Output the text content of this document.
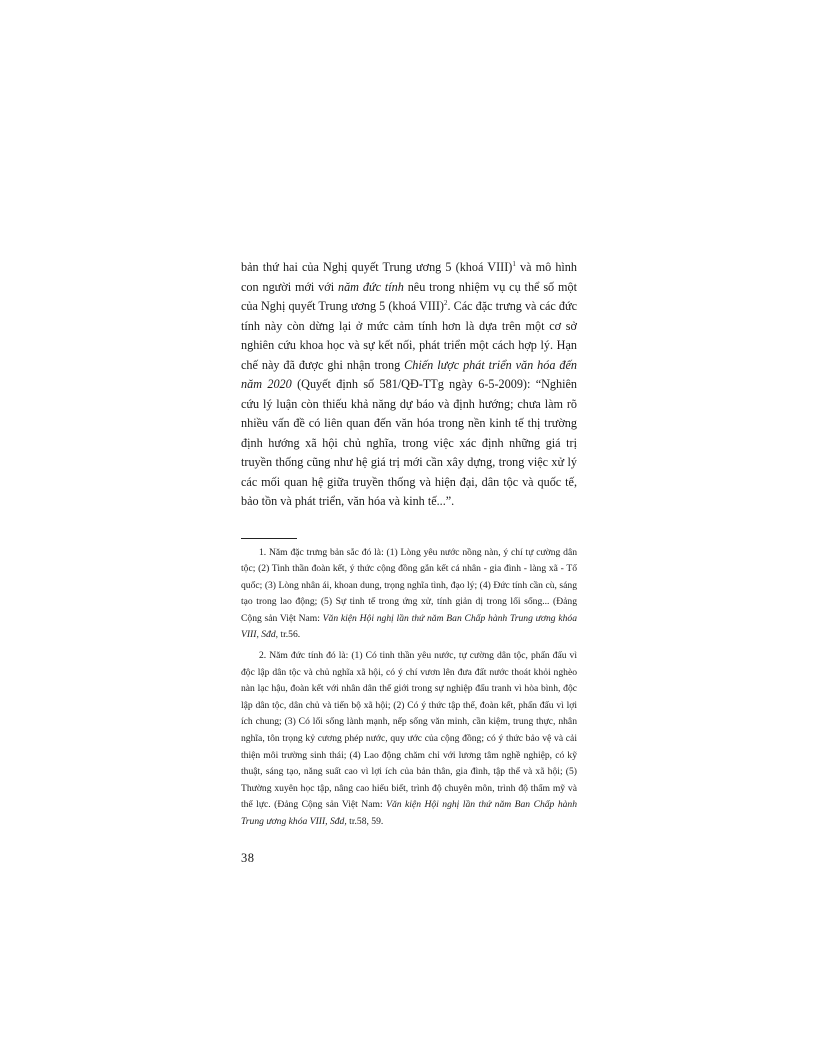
bản thứ hai của Nghị quyết Trung ương 5 (khoá VIII)$^1$ và mô hình con người mới với năm đức tính nêu trong nhiệm vụ cụ thể số một của Nghị quyết Trung ương 5 (khoá VIII)$^2$. Các đặc trưng và các đức tính này còn dừng lại ở mức cảm tính hơn là dựa trên một cơ sở nghiên cứu khoa học và sự kết nối, phát triển một cách hợp lý. Hạn chế này đã được ghi nhận trong Chiến lược phát triển văn hóa đến năm 2020 (Quyết định số 581/QĐ-TTg ngày 6-5-2009): “Nghiên cứu lý luận còn thiếu khả năng dự báo và định hướng; chưa làm rõ nhiều vấn đề có liên quan đến văn hóa trong nền kinh tế thị trường định hướng xã hội chủ nghĩa, trong việc xác định những giá trị truyền thống cũng như hệ giá trị mới cần xây dựng, trong việc xử lý các mối quan hệ giữa truyền thống và hiện đại, dân tộc và quốc tế, bảo tồn và phát triển, văn hóa và kinh tế...”.

1. Năm đặc trưng bản sắc đó là: (1) Lòng yêu nước nồng nàn, ý chí tự cường dân tộc; (2) Tinh thần đoàn kết, ý thức cộng đồng gắn kết cá nhân - gia đình - làng xã - Tổ quốc; (3) Lòng nhân ái, khoan dung, trọng nghĩa tình, đạo lý; (4) Đức tính cần cù, sáng tạo trong lao động; (5) Sự tinh tế trong ứng xử, tính giản dị trong lối sống... (Đảng Cộng sản Việt Nam: Văn kiện Hội nghị lần thứ năm Ban Chấp hành Trung ương khóa VIII, Sđd, tr.56.

2. Năm đức tính đó là: (1) Có tinh thần yêu nước, tự cường dân tộc, phấn đấu vì độc lập dân tộc và chủ nghĩa xã hội, có ý chí vươn lên đưa đất nước thoát khỏi nghèo nàn lạc hậu, đoàn kết với nhân dân thế giới trong sự nghiệp đấu tranh vì hòa bình, độc lập dân tộc, dân chủ và tiến bộ xã hội; (2) Có ý thức tập thể, đoàn kết, phấn đấu vì lợi ích chung; (3) Có lối sống lành mạnh, nếp sống văn minh, cần kiệm, trung thực, nhân nghĩa, tôn trọng kỷ cương phép nước, quy ước của cộng đồng; có ý thức bảo vệ và cải thiện môi trường sinh thái; (4) Lao động chăm chỉ với lương tâm nghề nghiệp, có kỹ thuật, sáng tạo, năng suất cao vì lợi ích của bản thân, gia đình, tập thể và xã hội; (5) Thường xuyên học tập, nâng cao hiểu biết, trình độ chuyên môn, trình độ thẩm mỹ và thể lực. (Đảng Cộng sản Việt Nam: Văn kiện Hội nghị lần thứ năm Ban Chấp hành Trung ương khóa VIII, Sđd, tr.58, 59.

38
